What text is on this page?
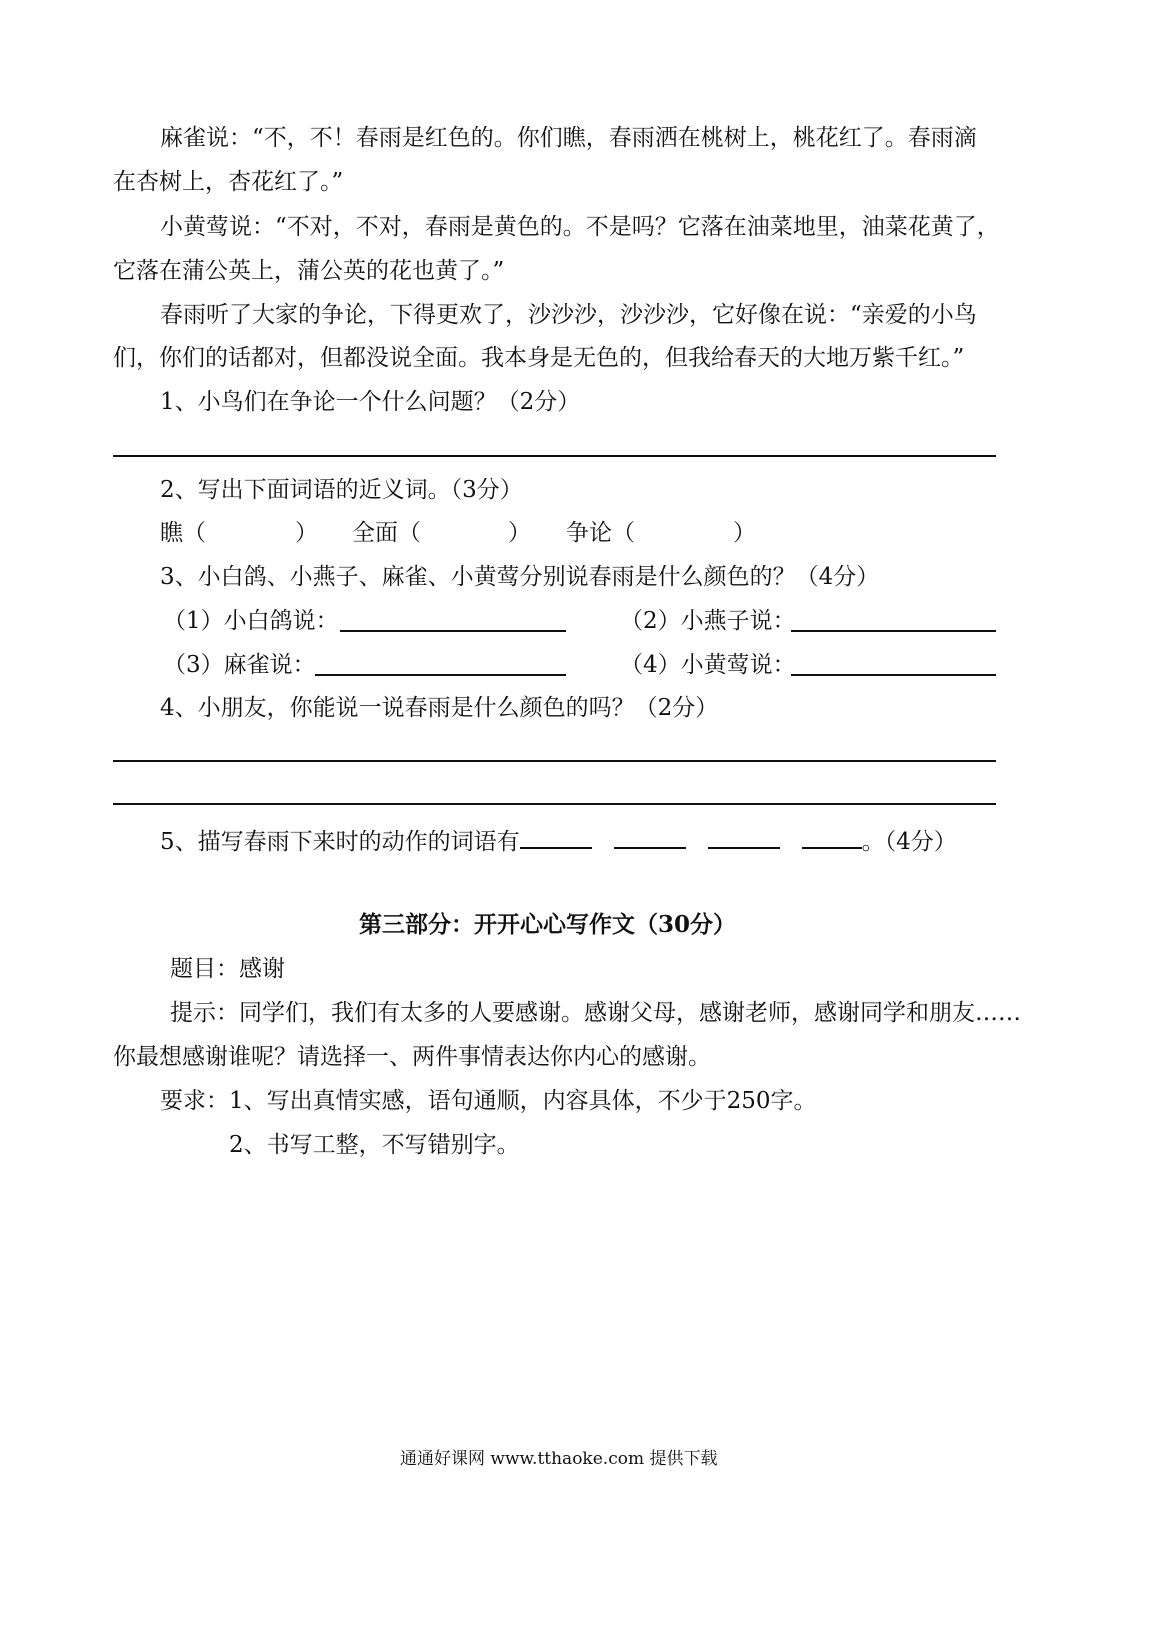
麻雀说：“不，不！春雨是红色的。你们瞧，春雨洒在桃树上，桃花红了。春雨滴
在杏树上，杏花红了。”
小黄莺说：“不对，不对，春雨是黄色的。不是吗？它落在油菜地里，油菜花黄了，
它落在蒲公英上，蒲公英的花也黄了。”
春雨听了大家的争论，下得更欢了，沙沙沙，沙沙沙，它好像在说：“亲爱的小鸟
们，你们的话都对，但都没说全面。我本身是无色的，但我给春天的大地万紫千红。”
1、小鸟们在争论一个什么问题？（2分）
2、写出下面词语的近义词。（3分）
瞧（	） 全面（	） 争论（	）
3、小白鸽、小燕子、麻雀、小黄莺分别说春雨是什么颜色的？（4分）
（1）小白鸽说：	（2）小燕子说：
（3）麻雀说：	（4）小黄莺说：
4、小朋友，你能说一说春雨是什么颜色的吗？（2分）
5、描写春雨下来时的动作的词语有	。（4分）
第三部分：开开心心写作文（30分）
题目：感谢
提示：同学们，我们有太多的人要感谢。感谢父母，感谢老师，感谢同学和朋友……
你最想感谢谁呢？请选择一、两件事情表达你内心的感谢。
要求：1、写出真情实感，语句通顺，内容具体，不少于250字。
2、书写工整，不写错别字。
通通好课网 www.tthaoke.com 提供下载
